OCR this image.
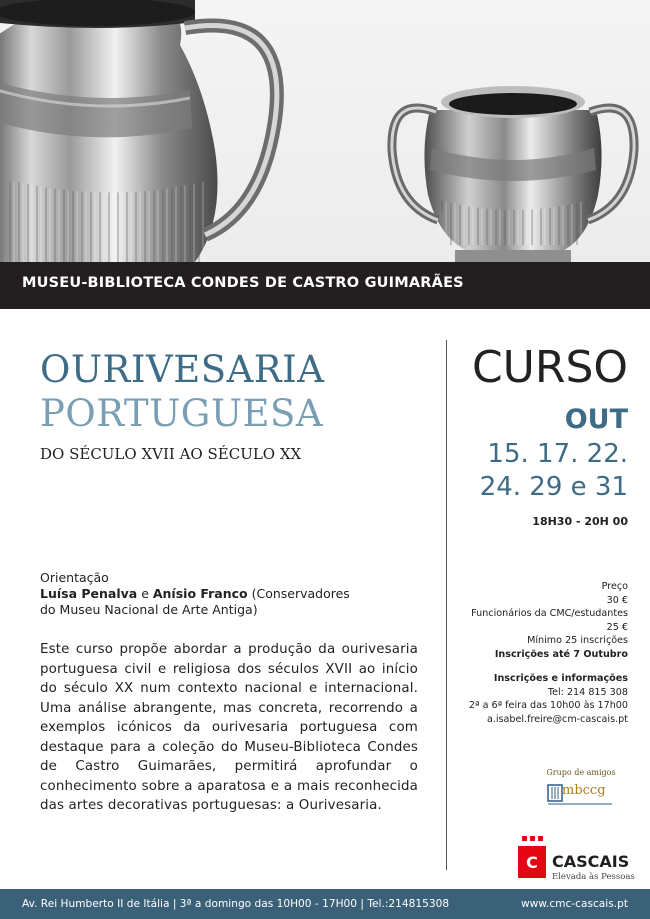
MUSEU-BIBLIOTECA CONDES DE CASTRO GUIMARÃES
OURIVESARIA
PORTUGUESA
DO SÉCULO XVII AO SÉCULO XX
CURSO
OUT
15. 17. 22.
24. 29 e 31
18H30 - 20H 00
Preço
30 €
Funcionários da CMC/estudantes
25 €
Mínimo 25 inscrições
Inscrições até 7 Outubro
Inscrições e informações
Tel: 214 815 308
2ª a 6ª feira das 10h00 às 17h00
a.isabel.freire@cm-cascais.pt
Orientação
Luísa Penalva e Anísio Franco (Conservadores
do Museu Nacional de Arte Antiga)
Este curso propõe abordar a produção da ourivesaria portuguesa civil e religiosa dos séculos XVII ao início do século XX num contexto nacional e internacional. Uma análise abrangente, mas concreta, recorrendo a exemplos icónicos da ourivesaria portuguesa com destaque para a coleção do Museu-Biblioteca Condes de Castro Guimarães, permitirá aprofundar o conhecimento sobre a aparatosa e a mais reconhecida das artes decorativas portuguesas: a Ourivesaria.
Grupo de amigos
mbccg
C CASCAIS
Elevada às Pessoas
Av. Rei Humberto II de Itália | 3ª a domingo das 10H00 - 17H00 | Tel.:214815308	www.cmc-cascais.pt
